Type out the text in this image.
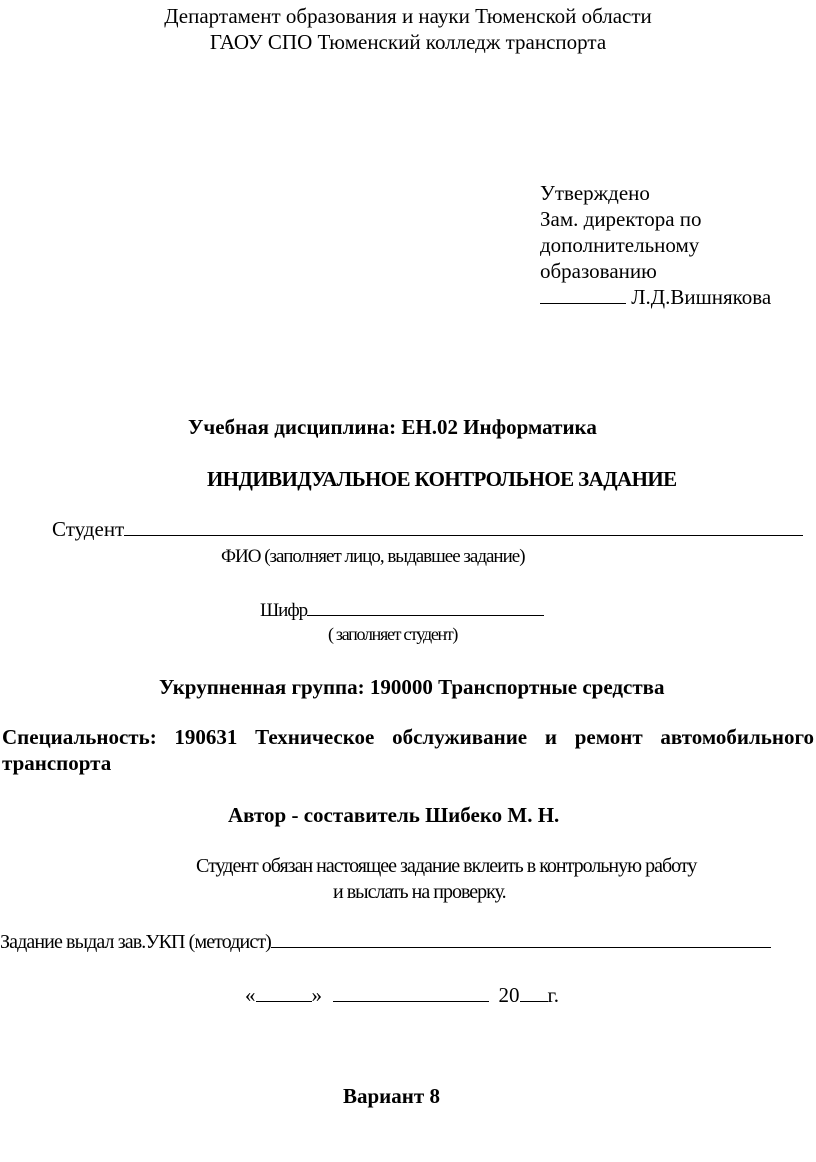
Департамент образования и науки Тюменской области
ГАОУ СПО Тюменский колледж транспорта
Утверждено
Зам. директора по
дополнительному
образованию
Л.Д.Вишнякова
Учебная дисциплина: ЕН.02 Информатика
ИНДИВИДУАЛЬНОЕ КОНТРОЛЬНОЕ ЗАДАНИЕ
Студент
ФИО (заполняет лицо, выдавшее задание)
Шифр
( заполняет студент)
Укрупненная группа: 190000 Транспортные средства
Специальность: 190631 Техническое обслуживание и ремонт автомобильного транспорта
Автор - составитель Шибеко М. Н.
Студент обязан настоящее задание вклеить в контрольную работу
и выслать на проверку.
Задание выдал зав.УКП (методист)
«	»	20 г.
Вариант 8
